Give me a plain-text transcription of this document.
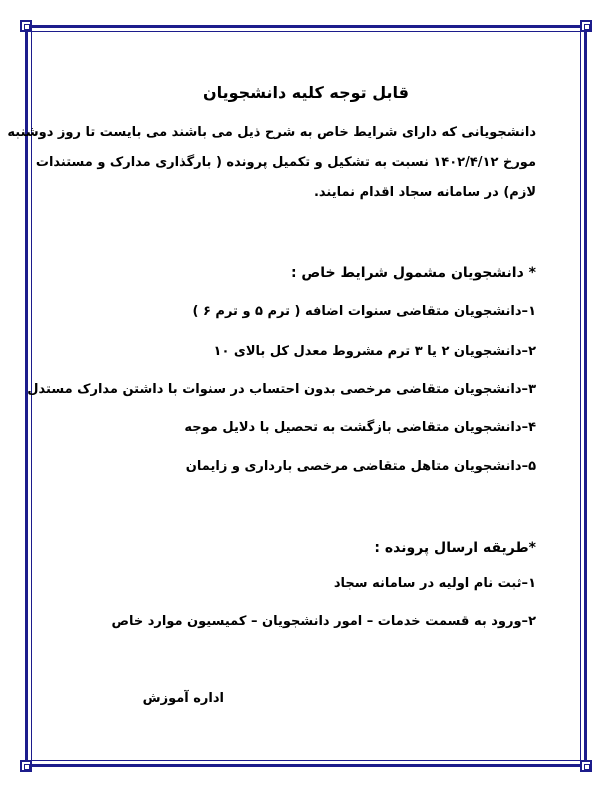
قابل توجه کلیه دانشجویان
دانشجویانی که دارای شرایط خاص به شرح ذیل می باشند می بایست تا روز دوشنبه
مورخ ۱۴۰۲/۴/۱۲ نسبت به تشکیل و تکمیل پرونده ( بارگذاری مدارک و مستندات
لازم) در سامانه سجاد اقدام نمایند.
* دانشجویان مشمول شرایط خاص :
۱–دانشجویان متقاضی سنوات اضافه ( ترم ۵ و ترم ۶ )
۲–دانشجویان ۲ یا ۳ ترم مشروط معدل کل بالای ۱۰
۳–دانشجویان متقاضی مرخصی بدون احتساب در سنوات با داشتن مدارک مستدل
۴–دانشجویان متقاضی بازگشت به تحصیل با دلایل موجه
۵–دانشجویان متاهل متقاضی مرخصی بارداری و زایمان
*طریقه ارسال پرونده :
۱–ثبت نام اولیه در سامانه سجاد
۲–ورود به قسمت خدمات – امور دانشجویان – کمیسیون موارد خاص
اداره آموزش
